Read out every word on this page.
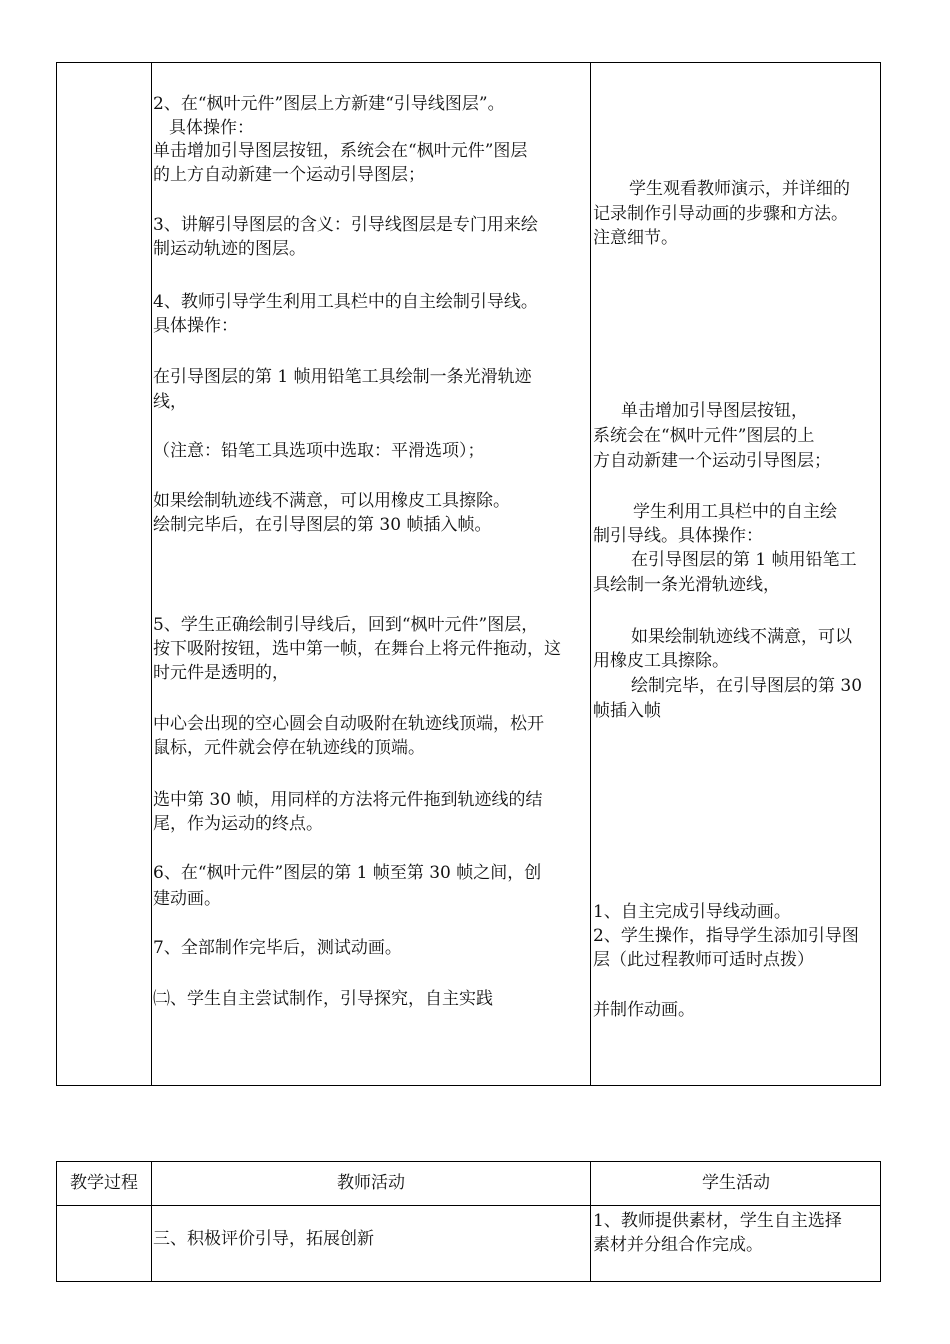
2、在“枫叶元件”图层上方新建“引导线图层”。
具体操作：
单击增加引导图层按钮，系统会在“枫叶元件”图层
的上方自动新建一个运动引导图层；
3、讲解引导图层的含义：引导线图层是专门用来绘
制运动轨迹的图层。
4、教师引导学生利用工具栏中的自主绘制引导线。
具体操作：
在引导图层的第 1 帧用铅笔工具绘制一条光滑轨迹
线，
（注意：铅笔工具选项中选取：平滑选项）；
如果绘制轨迹线不满意，可以用橡皮工具擦除。
绘制完毕后，在引导图层的第 30 帧插入帧。
5、学生正确绘制引导线后，回到“枫叶元件”图层，
按下吸附按钮，选中第一帧，在舞台上将元件拖动，这
时元件是透明的，
中心会出现的空心圆会自动吸附在轨迹线顶端，松开
鼠标，元件就会停在轨迹线的顶端。
选中第 30 帧，用同样的方法将元件拖到轨迹线的结
尾，作为运动的终点。
6、在“枫叶元件”图层的第 1 帧至第 30 帧之间，创
建动画。
7、全部制作完毕后，测试动画。
㈡、学生自主尝试制作，引导探究，自主实践
学生观看教师演示，并详细的
记录制作引导动画的步骤和方法。
注意细节。
单击增加引导图层按钮，
系统会在“枫叶元件”图层的上
方自动新建一个运动引导图层；
学生利用工具栏中的自主绘
制引导线。具体操作：
在引导图层的第 1 帧用铅笔工
具绘制一条光滑轨迹线，
如果绘制轨迹线不满意，可以
用橡皮工具擦除。
绘制完毕，在引导图层的第 30
帧插入帧
1、自主完成引导线动画。
2、学生操作，指导学生添加引导图
层（此过程教师可适时点拨）
并制作动画。
教学过程	教师活动	学生活动
三、积极评价引导，拓展创新
1、教师提供素材，学生自主选择
素材并分组合作完成。
